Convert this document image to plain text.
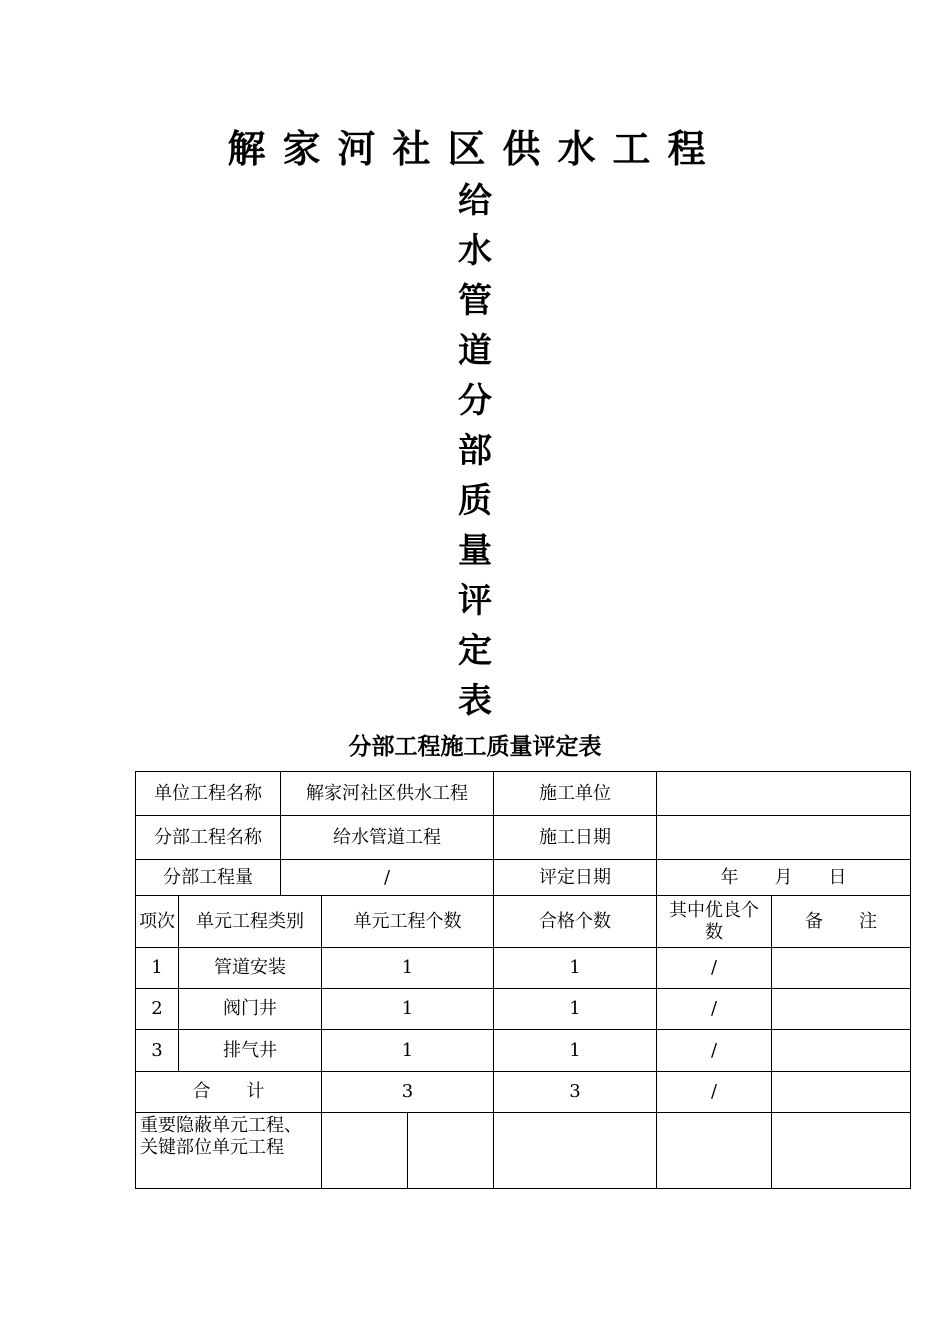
解家河社区供水工程
给
水
管
道
分
部
质
量
评
定
表
分部工程施工质量评定表
单位工程名称		解家河社区供水工程			施工单位		
分部工程名称		给水管道工程			施工日期		
分部工程量		/			评定日期	年　　月　　日	
项次	单元工程类别		单元工程个数		合格个数	其中优良个数	备　　注
1	管道安装		1		1	/	
2	阀门井		1		1	/	
3	排气井		1		1	/	
合　　计			3		3	/	
重要隐蔽单元工程、关键部位单元工程							
